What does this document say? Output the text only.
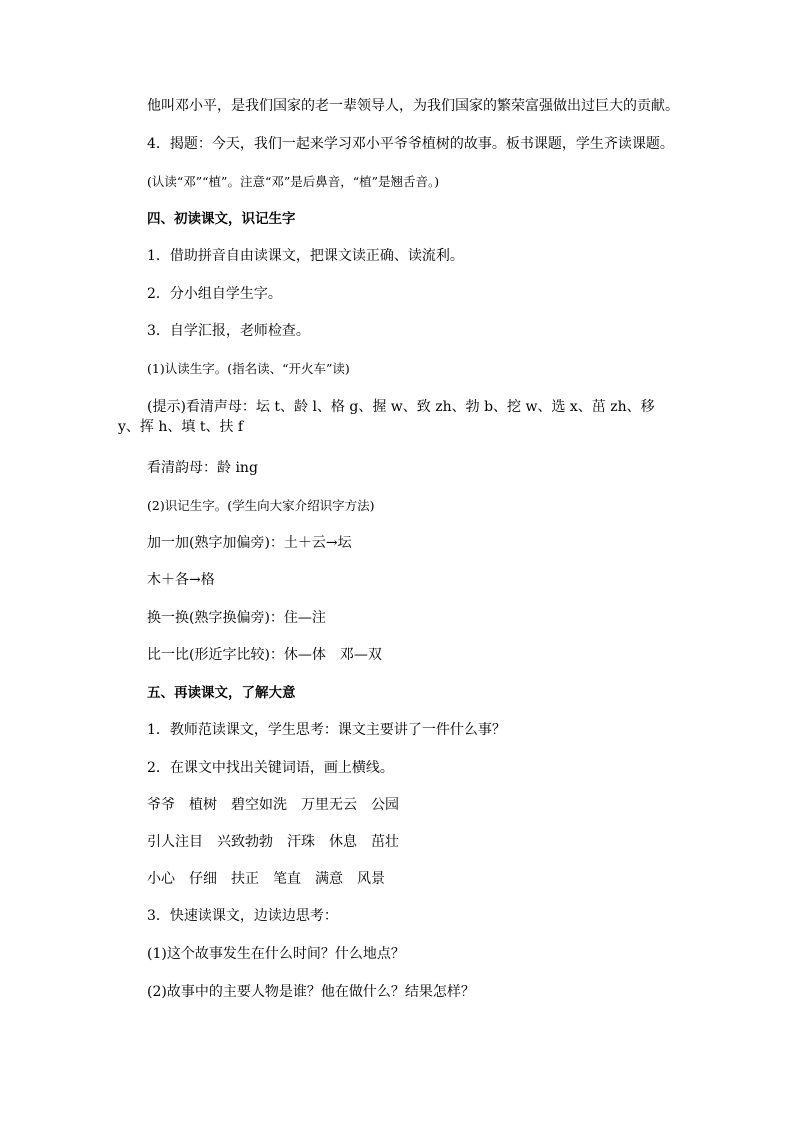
他叫邓小平，是我们国家的老一辈领导人，为我们国家的繁荣富强做出过巨大的贡献。
4．揭题：今天，我们一起来学习邓小平爷爷植树的故事。板书课题，学生齐读课题。
(认读“邓”“植”。注意“邓”是后鼻音，“植”是翘舌音。)
四、初读课文，识记生字
1．借助拼音自由读课文，把课文读正确、读流利。
2．分小组自学生字。
3．自学汇报，老师检查。
(1)认读生字。(指名读、“开火车”读)
(提示)看清声母：坛 t、龄 l、格 g、握 w、致 zh、勃 b、挖 w、选 x、茁 zh、移 y、挥 h、填 t、扶 f
看清韵母：龄 ing
(2)识记生字。(学生向大家介绍识字方法)
加一加(熟字加偏旁)：土＋云→坛
木＋各→格
换一换(熟字换偏旁)：住—注
比一比(形近字比较)：休—体　邓—双
五、再读课文，了解大意
1．教师范读课文，学生思考：课文主要讲了一件什么事？
2．在课文中找出关键词语，画上横线。
爷爷　植树　碧空如洗　万里无云　公园
引人注目　兴致勃勃　汗珠　休息　茁壮
小心　仔细　扶正　笔直　满意　风景
3．快速读课文，边读边思考：
(1)这个故事发生在什么时间？什么地点？
(2)故事中的主要人物是谁？他在做什么？结果怎样？
